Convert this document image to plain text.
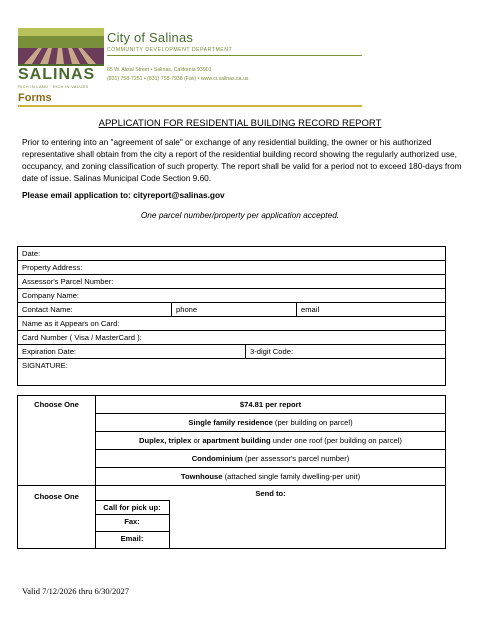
SALINAS
RICH IN LAND · RICH IN VALUES
City of Salinas
COMMUNITY DEVELOPMENT DEPARTMENT
65 W. Alisal Street • Salinas, California 93901
(831) 758-7251 • (831) 758-7938 (Fax) • www.ci.salinas.ca.us
Forms
APPLICATION FOR RESIDENTIAL BUILDING RECORD REPORT
Prior to entering into an "agreement of sale" or exchange of any residential building, the owner or his authorized representative shall obtain from the city a report of the residential building record showing the regularly authorized use, occupancy, and zoning classification of such property. The report shall be valid for a period not to exceed 180-days from date of issue. Salinas Municipal Code Section 9.60.
Please email application to: cityreport@salinas.gov
One parcel number/property per application accepted.
Date:
Property Address:
Assessor's Parcel Number:
Company Name:
Contact Name:	phone	email
Name as it Appears on Card:
Card Number ( Visa / MasterCard ):
Expiration Date:	3-digit Code:
SIGNATURE:
Choose One	$74.81 per report
Single family residence (per building on parcel)
Duplex, triplex or apartment building under one roof (per building on parcel)
Condominium (per assessor's parcel number)
Townhouse (attached single family dwelling-per unit)
Choose One	Send to:
Call for pick up:
Fax:
Email:
Valid 7/12/2026 thru 6/30/2027
